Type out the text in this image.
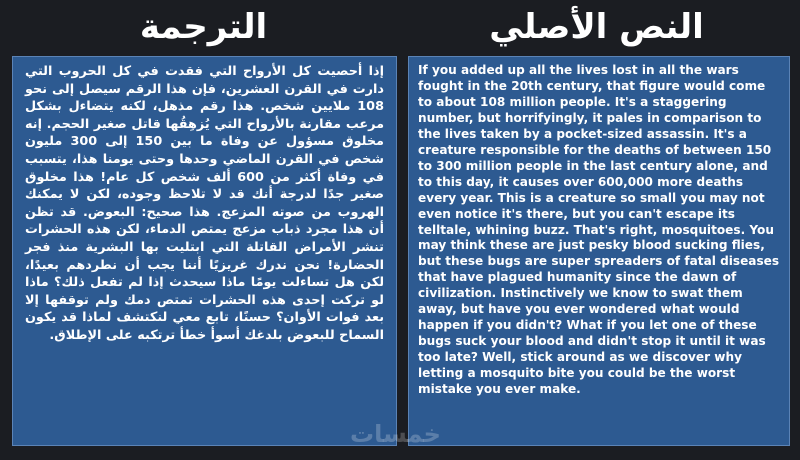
الترجمة	النص الأصلي

إذا أحصيت كل الأرواح التي فقدت في كل الحروب التي دارت في القرن العشرين، فإن هذا الرقم سيصل إلى نحو 108 ملايين شخص. هذا رقم مذهل، لكنه يتضاءل بشكل مرعب مقارنة بالأرواح التي يُزهِقُها قاتل صغير الحجم. إنه مخلوق مسؤول عن وفاة ما بين 150 إلى 300 مليون شخص في القرن الماضي وحدها وحتى يومنا هذا، يتسبب في وفاة أكثر من 600 ألف شخص كل عام! هذا مخلوق صغير جدًا لدرجة أنك قد لا تلاحظ وجوده، لكن لا يمكنك الهروب من صوته المزعج. هذا صحيح: البعوض. قد تظن أن هذا مجرد ذباب مزعج يمتص الدماء، لكن هذه الحشرات تنشر الأمراض القاتلة التي ابتليت بها البشرية منذ فجر الحضارة! نحن ندرك غريزيًا أننا يجب أن نطردهم بعيدًا، لكن هل تساءلت يومًا ماذا سيحدث إذا لم تفعل ذلك؟ ماذا لو تركت إحدى هذه الحشرات تمتص دمك ولم توقفها إلا بعد فوات الأوان؟ حسنًا، تابع معي لنكتشف لماذا قد يكون السماح للبعوض بلدغك أسوأ خطأ ترتكبه على الإطلاق.

If you added up all the lives lost in all the wars fought in the 20th century, that figure would come to about 108 million people. It's a staggering number, but horrifyingly, it pales in comparison to the lives taken by a pocket-sized assassin. It's a creature responsible for the deaths of between 150 to 300 million people in the last century alone, and to this day, it causes over 600,000 more deaths every year. This is a creature so small you may not even notice it's there, but you can't escape its telltale, whining buzz. That's right, mosquitoes. You may think these are just pesky blood sucking flies, but these bugs are super spreaders of fatal diseases that have plagued humanity since the dawn of civilization. Instinctively we know to swat them away, but have you ever wondered what would happen if you didn't? What if you let one of these bugs suck your blood and didn't stop it until it was too late? Well, stick around as we discover why letting a mosquito bite you could be the worst mistake you ever make.

خمسات
